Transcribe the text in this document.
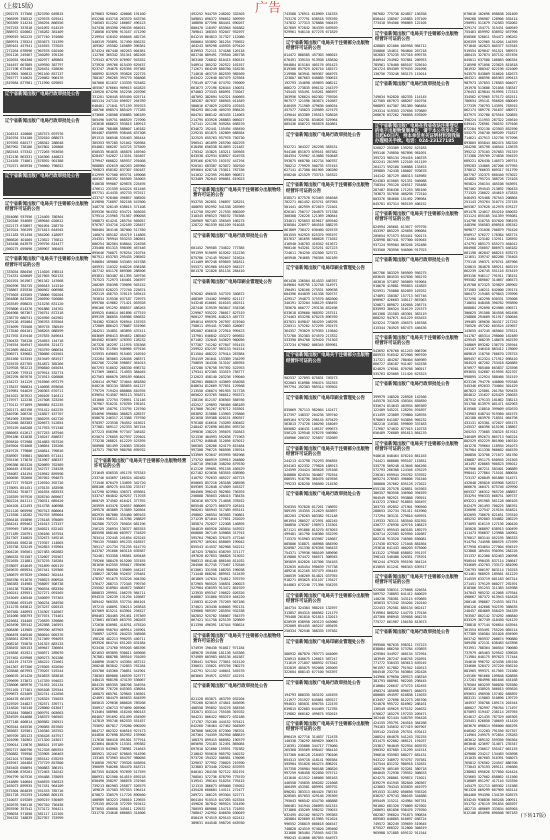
(上接15版)	广告
(下转17版)
辽092275 377566 辽823760 649815
辽966599 338312 辽429578 025541
辽903369 514234 辽356294 866556
辽937253 337818 辽041092 614519
辽888972 020062 辽746282 381409
辽690919 562225 辽077740 191680
辽889974 278324 辽853673 741399
辽689161 457941 辽416555 737025
辽272264 078996 辽907678 010100
辽691126 249467 辽340289 195126
辽102654 904300 辽402977 489865
辽344457 667889 辽449930 387797
辽227198 675485 辽826431 528836
辽813901 306812 辽961160 857137
辽955777 510625 辽226682 906476
辽819584 877981 辽711990 029892
辽宁省新闻出版广电局行政审批处公告
辽宁省新闻出版广电局行政审批处公告
辽104513 420006 辽487573 697976
辽810764 534100 辽332610 088073
辽497092 640177 辽288342 288648
辽887962 738186 辽847802 105868
辽882543 575342 辽772265 953656
辽512136 863331 辽104306 440823
辽124165 774861 辽678592 901388
辽752571 865930 辽756660 798652
辽宁省新闻出版广电局行政审批处公告
辽宁省新闻出版广电局关于注销部分出版物经营许可证的公告
辽654086 937956 辽124405 780364
辽320346 554689 辽489646 020812
辽622173 670897 辽901094 258770
辽167024 766199 辽671813 644945
辽611183 951450 辽584206 418097
辽866826 401005 辽123622 776812
辽545458 843979 辽299756 814477
辽660275 059096 辽589907 360403
辽宁省新闻出版广电局关于注销部分出版物经营许可证的公告
辽333034 880456 辽114026 198514
辽724331 026609 辽017665 902133
辽201591 561967 辽961342 147668
辽850396 784735 辽050543 141510
辽758867 839330 辽000562 006988
辽975603 455565 辽738006 920204
辽664808 843260 辽260590 926086
辽263549 898025 辽515236 831120
辽976806 814376 辽901886 154762
辽004968 987367 辽756751 872318
辽238770 680741 辽024956 042902
辽629128 492084 辽396763 870504
辽374099 755568 辽369778 780549
辽173540 604101 辽568203 088599
辽817592 819440 辽257835 849644
辽330433 758128 辽254653 144718
辽194554 504947 辽404494 321472
辽922869 884242 辽763759 086634
辽896571 539682 辽780686 015501
辽851560 523355 辽819449 681917
辽325570 837765 辽814872 385266
辽529928 981213 辽690840 045034
辽347209 779313 辽079914 532774
辽052295 807670 辽374913 026808
辽434272 341129 辽916566 097279
辽178437 988834 辽140098 893658
辽219981 944629 辽200363 670711
辽841022 367622 辽260105 516411
辽175977 122238 辽247508 323256
辽770112 971899 辽866684 812235
辽202171 482198 辽931412 642235
辽840706 208726 辽418827 457707
辽981969 339369 辽860293 042720
辽552048 883383 辽026673 512854
辽393159 848268 辽317933 971348
辽686663 612617 辽677253 187946
辽894186 431838 辽150247 858637
辽895810 972988 辽814683 957526
辽649504 924068 辽108054 155266
辽819725 779806 辽440814 799816
辽838907 749801 辽880365 671441
辽935156 173670 辽314967 488337
辽096386 801320 辽820669 762589
辽406445 470103 辽342727 234528
辽784087 434194 辽518942 859598
辽460656 782660 辽367052 994875
辽647727 797029 辽126910 392726
辽178091 851451 辽470135 183598
辽783342 701877 辽401634 683533
辽228359 597920 辽828740 869667
辽802224 841111 辽700311 689420
辽404105 422493 辽614738 406988
辽621120 065990 辽907513 800064
辽123358 218282 辽762703 589004
辽656418 555896 辽278148 595089
辽664241 899462 辽161613 273157
辽939949 718916 辽840521 832102
辽571189 220791 辽436166 167554
辽817307 310025 辽532673 549218
辽565545 056218 辽719357 114003
辽155758 325249 辽942853 570964
辽004226 556561 辽027483 062882
辽086533 921507 辽132607 292567
辽922655 221881 辽673276 318284
辽678697 454649 辽761899 605119
辽049676 689934 辽057441 529366
辽180879 697839 辽436042 362444
辽858786 911676 辽768623 890928
辽386383 154985 辽958097 508738
辽156138 752836 辽900534 683350
辽160241 439551 辽527271 091565
辽543049 436540 辽540059 757363
辽533846 693149 辽300234 284930
辽411278 045812 辽073237 020315
辽307585 340993 辽134307 510567
辽161066 568793 辽677074 774461
辽625681 154405 辽726839 339886
辽403490 789142 辽262588 246591
辽608486 143985 辽999700 487903
辽808493 046540 辽860016 005376
辽638561 829075 辽517469 994093
辽008216 755870 辽101323 883133
辽838492 505153 辽469647 336664
辽245856 452921 辽940571 289070
辽257462 629908 辽609273 301286
辽118119 274729 辽484222 722661
辽041367 497306 辽276505 452650
辽103848 667993 辽739207 519244
辽006670 161420 辽810878 583818
辽299699 373072 辽147339 594022
辽338606 089976 辽731453 201134
辽931165 177461 辽605108 329344
辽699873 623469 辽842741 412058
辽404478 661597 辽528325 755033
辽525929 244827 辽782571 339771
辽414820 740140 辽228060 013047
辽181844 708063 辽009791 003663
辽834929 644688 辽168375 946502
辽677148 406814 辽809582 250521
辽903544 045536 辽290585 857602
辽365687 329301 辽150346 287552
辽369709 285123 辽636428 447917
辽101090 740362 辽471320 243017
辽709014 119876 辽868101 197189
辽892727 800796 辽912328 689353
辽930882 795956 辽333905 266463
辽042101 573560 辽855142 678293
辽455947 204484 辽737729 857800
辽845403 058694 辽560883 386191
辽556308 876201 辽572463 310242
辽994799 507526 辽494488 378093
辽244889 540604 辽646876 556523
辽463073 899935 辽917431 964109
辽675304 864039 辽551533 785716
辽851728 292293 辽162668 805135
辽310037 019289 辽609219 530469
辽402676 946118 辽907310 756458
辽893590 357542 辽573172 394421
辽398034 571858 辽581117 122105
辽394332 748839 辽827957 753999
079063 929062 420608 191160
652208 643718 263570 643756
746503 611252 166667 496123
547438 094390 296435 664015
718058 637896 913167 471290
219954 418452 050046 482726
540319 755891 317490 856232
169362 195582 165689 396381
874324 667440 402263 004381
112766 365342 351341 082205
729343 879729 076907 943352
373920 199766 015439 629437
923747 194676 625356 597385
588992 815929 393828 222725
780107 296265 393770 504808
507060 811637 133339 923482
465507 076664 909615 042825
130920 674296 552238 207096
331201 520445 055450 025714
085134 247134 096927 264789
648401 171041 971159 391923
208706 098574 885429 777285
573666 248508 036885 506189
565496 549751 068529 727090
263636 688623 593815 189913
451106 708486 588607 146182
064487 650995 938446 837308
891315 560546 535403 365444
305353 997285 521042 926984
654081 566207 343725 373509
650535 964035 485878 165940
828457 542027 113161 316467
379947 600822 585937 291668
968885 432619 402263 265960
766823 658182 837307 550187
812999 927500 093731 169008
460307 866392 505509 316003
918638 999067 029878 225495
476611 231559 044224 811446
697751 414435 492733 972517
433747 928400 496857 308505
019890 716097 502158 547600
348770 320149 638615 371108
659336 964352 634721 503026
579514 215965 751567 090058
598873 614241 285754 565057
976767 534716 242189 228457
900484 364146 387000 517350
146074 585102 454719 114805
254351 769944 953233 280561
006254 382564 648044 224558
235468 651315 598496 467446
095646 750071 978254 210754
987911 653783 295435 298562
948684 189000 543483 015788
405931 110322 640226 038188
407742 041176 669306 288506
693831 503487 811395 349756
757523 712973 164401 204597
200289 350398 739096 945152
343353 628223 772740 225874
292119 456753 378119 549415
703834 319536 037187 725975
099780 419862 771421 053928
096166 591292 898557 486263
059525 646014 061896 477519
899159 366055 558986 656832
784382 933015 926944 153763
172889 886423 778087 551966
284251 154851 483895 437411
683609 898413 894652 186540
864582 653697 478393 128232
267328 162297 111976 535368
543784 311904 940966 679156
525935 649663 915403 216910
232284 365063 228458 268371
602706 721256 598857 361013
667293 518032 268330 698732
917369 106611 714593 384045
627563 000070 289189 608401
428414 497967 374044 881850
040210 583134 385055 041127
779729 719424 080868 810765
639654 914507 965113 391871
431060 172754 720951 131146
707967 910231 570769 195161
268789 158791 133795 125760
654696 596084 380823 428537
058678 246317 213388 757930
970397 223538 784552 015621
377081 569117 252333 367154
077223 658396 977347 348182
625074 276055 027937 229401
773238 208821 612229 523395
560988 581499 220363 335265
147571 798709 980768 695932
辽宁省新闻出版广电局关于注销部分出版物经营许可证的公告
231649 036535 491176 975343
233746 043697 160324 462482
771546 876479 134095 342720
868106 409275 641530 233747
547290 023904 436371 693661
533747 604842 029257 717078
060749 374502 616421 377392
265959 643476 320557 808069
209570 403889 713589 520564
082935 087880 355480 069163
531304 956311 413786 258829
502586 737223 705034 081196
256125 250934 130377 863353
885598 008100 683977 731829
783414 232445 241654 623245
790135 755003 091233 618557
705117 421734 731235 614770
043787 291606 003116 035587
752481 933358 198581 649448
759266 588478 015200 337455
381656 042555 595017 789496
751945 980650 135609 444247
158627 287280 932637 276481
478357 951675 533226 404760
376477 288713 772345 799756
255502 018904 404672 948067
880833 299951 106276 984711
694315 126239 131294 103687
589442 960355 537734 864101
197215 448091 336213 263818
057069 815211 643901 294527
890463 284465 291461 197369
173001 603365 663793 260263
172636 030981 418761 475520
811660 950764 409914 245901
756897 142931 204233 348568
198128 482213 990293 440711
093926 064744 651265 031584
923430 174760 959205 085396
821653 093895 930011 049666
767881 888788 389516 701059
440890 154074 443364 467212
260248 863842 742853 761284
455780 445360 730851 541901
738303 889800 160539 523777
448415 908198 474139 536067
804135 085355 306706 344934
616256 776726 045303 438054
166075 685701 329845 156561
424091 584479 065633 844599
005015 229636 080628 789268
350917 436713 974090 005906
913464 508966 416240 660143
684057 591692 631499 454509
147819 395746 662533 551457
755692 867817 729280 090209
084717 002322 646516 927473
044850 827698 852952 193900
117630 566418 491501 577914
623664 804076 115341 499382
120515 843965 738981 214643
885921 152447 070845 914596
133165 973963 054767 980056
916850 795767 739326 645894
396099 940268 584470 818721
867355 843828 937699 517559
886931 821500 014519 659218
650490 358297 306078 231946
739213 862903 255877 526579
169819 157503 597553 196414
870872 330579 117726 890560
408989 563223 256010 129655
729155 092218 372769 919412
873655 450056 345011 129532
331778 234646 686683 314606
492252 944759 248202 332503
509851 090372 596652 509959
108890 077596 884441 690267
800470 118497 853564 501882
789841 168353 932047 952597
841215 864013 317327 112080
660064 553892 361254 793652
464243 569298 445935 079420
819953 712111 574188 126118
081740 809491 739540 285738
363160 720842 810415 650515
540914 305232 202522 161557
712671 664249 880780 518236
714018 463719 802539 985569
643422 222640 007479 523564
770149 877746 074792 769009
661673 272196 828444 150031
074083 273343 660991 733047
487092 382094 542321 840665
385287 467637 580945 011849
580016 674029 242870 470163
984293 001240 409239 898426
004701 868142 463435 114063
214795 033928 268883 066027
747141 221196 949284 058570
634672 192441 155494 458450
229235 051875 182809 688584
322525 655763 957978 750730
596541 461099 265700 602293
618496 656538 814093 221487
170342 153825 183211 349565
843538 432934 838927 624978
839166 628753 103197 447294
920101 683387 823072 302920
095664 628718 753611 787336
541032 242395 291809 960872
923489 782043 090861 619023
辽宁省新闻出版广电局关于注销部分出版物经营许可证的公告
953755 262851 196697 328251
408695 892992 541538 283969
412750 592497 217535 660209
318345 690523 768192 755368
266969 987103 356549 166275
128722 981539 601109 914018
辽宁省新闻出版广电局行政审批处公告
601452 709585 734622 777385
991399 919099 019262 512236
875786 174145 992047 315624
411409 897248 659849 581811
555371 091960 651629 584227
861378 121826 851134 284410
辽宁省新闻出版广电局印刷业管理处公告
976282 496035 547376 340872
408309 134402 599692 821117
543248 610661 016163 402511
287446 319539 903847 534708
229967 935222 786017 827519
960127 996391 648213 487737
094614 695970 207597 674940
758011 495441 972003 428067
092007 636616 272910 999423
137901 646842 433272 069852
671462 132845 543629 960056
977387 741202 677847 591415
259922 632197 983153 941514
811504 408222 579414 287884
354159 201041 153389 234299
750859 164330 313107 485955
437286 578758 597392 522953
179341 872305 333519 758777
212023 458140 203236 199040
382901 888019 443669 034058
848634 812669 977651 129568
213550 436074 961955 317728
065022 623765 566612 993372
138156 812157 836565 584936
452527 129893 706466 686189
617000 701267 676712 553501
683892 315886 143903 276866
021658 359388 020151 890357
976188 416616 743289 836462
248442 672698 001894 093726
299836 138225 395076 702843
521336 404993 552636 771963
437792 048848 312056 875012
566305 128206 524179 815484
997308 796725 960596 195914
533909 923647 693995 981968
173752 000919 339915 264860
240710 396348 348250 879530
612126 199891 991158 456529
627182 623630 583555 038980
410792 792633 405227 407723
050665 857218 283188 268598
859369 312048 474509 545327
004560 390243 902965 736393
256088 785053 208415 738435
302016 857370 714658 378552
865548 423273 060379 426161
960201 505943 317489 693141
498802 200554 563565 740861
271239 871044 177651 252029
385874 752027 122308 146895
504819 605920 285034 543922
660800 307149 549868 317915
595764 798203 376475 477246
695797 169264 858069 199042
855543 414537 502968 542212
187425 378034 638769 371177
497628 027653 386828 313032
908313 664140 886160 811032
284506 817745 773467 170346
613061 331558 108703 196038
711448 668201 869941 513439
461869 147634 754812 376759
072965 905525 346831 200023
527984 636593 913472 861929
123935 695347 190622 026326
048867 531860 953319 464220
115833 012249 757269 907186
374021 263430 040005 992131
539068 989397 285594 932338
502852 925782 556067 784379
067421 511758 625139 329809
811390 496391 187444 938624
辽宁省新闻出版广电局关于注销部分出版物经营许可证的公告
574939 190430 910817 971184
489678 194506 181136 543366
974989 003983 605136 461587
338441 547844 773051 015120
330031 135821 693756 780275
242791 521152 440641 545576
063665 394971 429537 442191
辽宁省新闻出版广电局行政审批处公告
021128 053071 463759 032204
792260 023019 474841 845696
408558 395852 354276 584556
332071 833114 755166 307032
504231 006422 980272 032186
171787 752160 444152 975421
642260 746464 427462 504509
307008 566228 872300 768701
267364 744359 352950 888819
108375 099415 068582 190379
065690 725103 312491 865084
697010 521600 159591 792382
210842 955610 985792 540232
973726 194322 506581 139096
329037 377952 730025 219390
323883 873440 232642 837693
040101 284150 927122 852191
708501 572736 878799 775570
519541 190164 510254 776415
121315 386673 095008 745052
435420 600684 144111 272477
209721 168125 093304 522771
864104 915515 047265 623354
459026 307842 909524 331490
780593 889806 154715 721892
708047 242952 846630 030049
858419 974519 829143 022412
389631 044540 598726 643930
743588 176911 618969 154333
753178 277791 038518 978769
747832 177313 378888 940419
027609 972842 364339 649559
929961 940110 677278 671829
辽宁省新闻出版广电局关于注销部分出版物经营许可证的公告
014472 880585 457303 566015
676491 339154 913938 183830
604884 815184 405176 091423
819308 857929 026710 185572
219980 563941 969367 064975
123807 067663 048885 930615
192793 154698 459693 008212
086272 273835 096132 254379
745445 555491 545261 866597
303956 528624 002302 793926
967577 121596 363074 210587
646459 711909 479636 046034
457577 745023 249589 427479
439044 053389 195515 928628
695018 342781 834626 525964
005436 058723 965878 810861
辽宁省新闻出版广电局行政审批处公告
932721 364327 262298 383531
944106 851073 039161 667582
484354 725967 413686 910648
593075 668780 162734 500787
780212 779929 500735 537453
627141 417300 061905 206280
658240 421529 733715 316322
辽宁省新闻出版广电局关于注销部分出版物经营许可证的公告
638571 877578 923465 054648
702271 061452 623741 057955
501441 462959 672819 722401
626101 750717 204875 571338
300308 726226 121369 280844
334011 925053 819617 859540
830584 220977 084516 588276
061809 738472 030460 025578
601555 942925 625370 993197
837637 181695 580628 771652
416940 346703 410342 613672
960146 943261 325251 027223
724611 704250 432500 323772
465940 764685 796356 502189
辽宁省新闻出版广电局印刷业管理处公告
661430 136504 814533 448767
049684 949795 132748 314971
190491 528166 275531 509638
604396 844839 161338 920737
429517 194873 375570 882600
340191 323204 548129 638492
785670 000777 293136 852498
633618 839660 968392 257511
274463 653298 670278 896769
037031 849847 584259 248295
220311 575202 572295 292475
364357 793029 579355 119840
572780 352383 074570 217832
533390 894708 329420 751303
237234 679862 086345 859981
辽宁省新闻出版广电局关于注销部分出版物经营许可证的公告
902537 127093 075031 749273
922003 610980 596474 352353
997794 192383 989314 939502
辽宁省新闻出版广电局印刷业管理处公告
835069 787113 982064 142477
817397 148337 204236 359740
609164 973720 298145 879429
563813 774726 100290 164049
605082 446431 148157 699673
556125 329540 576276 946980
450906 200337 325837 332669
辽宁省新闻出版广电局关于注销部分出版物经营许可证的公告
244213 413798 752293 894855
034163 022332 779828 168913
124599 234424 305628 376168
848880 824534 304067 792554
686591 910796 360476 019556
799233 828250 598560 214530
辽宁省新闻出版广电局行政审批处公告
926355 937828 017261 748692
589195 154355 212629 843897
482203 178263 003382 912148
061954 280527 472591 402245
300850 176207 198973 153301
871121 691886 815270 873053
499481 161790 546380 552299
715375 915963 033987 218687
085806 518871 408968 084590
620987 251330 876356 946433
754371 179936 980109 589696
019800 974472 566571 308945
305859 842826 107306 334163
332035 045454 590639 757738
489216 012165 557479 494445
200539 346269 814021 037955
918271 893025 631107 176427
844863 672240 771396 934293
辽宁省新闻出版广电局关于注销部分出版物经营许可证的公告
184734 324384 980216 132597
313857 094315 000562 121179
795408 201810 921815 132013
620939 638958 203123 043080
292009 854455 465247 469495
250334 782546 388335 197582
辽宁省新闻出版广电局印刷业管理处公告
586932 087870 769773 044009
320913 840675 126815 587247
711619 271857 088932 673342
532839 405075 952068 265009
322604 008143 677100 943397
辽宁省新闻出版广电局行政审批处公告
194793 888335 563192 445493
211977 251927 645081 859227
994031 585031 896755 122476
639815 822083 644469 712785
719882 660162 499675 932615
辽宁省新闻出版广电局关于注销部分出版物经营许可证的公告
896419 027716 314037 712478
140338 730292 889829 300674
216391 235880 344717 773060
265368 355569 698447 984416
537360 046128 218453 790106
654313 559718 418141 905584
595904 551028 064274 898291
557358 250984 900188 286826
997259 948458 922850 975712
431640 411512 106066 565163
446558 745835 856282 221668
466499 453581 089991 059792
896281 303313 064425 758745
020505 857053 429146 295369
795043 960542 034730 466888
566481 341944 206093 841315
371868 435269 598232 759015
032495 452102 963273 399383
285884 825609 615985 912624
996552 258019 060618 004547
748828 424519 974020 289460
321686 365484 735945 642735
990243 414606 087055 644973
987682 775738 824857 156358
858444 138507 245883 197109
773418 594506 996869 122105
辽宁省新闻出版广电局关于注销部分出版物经营许可证的公告
428885 021060 005958 984712
550806 154011 904604 267218
562683 375235 557316 699735
840944 254962 937881 266953
785961 570400 085107 525610
261724 894309 979433 201096
130756 733248 583175 115014
辽宁省新闻出版广电局行政审批处公告
749034 942820 402335 114145
427585 607073 488267 610794
908893 047307 381389 908484
293314 519353 237656 579889
268676 037262 766058 676509
辽宁省新闻出版广电局在我省依法注册登记的电子出版物复制单位，请于本公告发布之日起60日内，持本单位有关证明材料到我局办理相关手续。电话：024-23127185
526027 253309 139292 523183
995146 749850 987896 981091
395723 985134 294416 166378
022241 201999 122105 011159
264171 592160 346088 133453
399885 742438 180607 970878
144142 387129 488313 518985
624383 015005 921331 946088
758354 795120 426517 703488
287487 856436 171253 385166
703873 557650 468298 772510
803376 584600 151492 298984
045781 037314 965159 408152
辽宁省新闻出版广电局关于注销部分出版物经营许可证的公告
824994 205601 613077 979795
453397 805229 425656 096084
205654 971573 654441 920174
328998 867441 977300 019045
937124 959504 863246 252486
953500 783956 940506 917923
辽宁省新闻出版广电局行政审批处公告
067786 583329 569509 956275
603645 804533 647836 365270
403010 571897 305669 919064
910678 419881 995853 415855
925931 755880 852059 107032
474891 150387 157713 567746
090967 426603 340117 867063
520871 889872 162058 258774
835993 300324 310129 225373
661368 151583 483301 383119
868252 947671 841229 653453
023224 773039 436575 165358
415344 784925 687475 446436
辽宁省新闻出版广电局关于注销部分出版物经营许可证的公告
543692 676760 011243 006706
885933 916542 872908 969709
317321 484287 780404 846989
666727 456187 941407 542538
824829 176581 870768 360517
535763 825005 111426 623323
辽宁省新闻出版广电局行政审批处公告
399979 148520 228928 142566
445570 341528 430344 855850
935674 014643 403934 869389
122409 545221 128294 591897
611459 123089 729860 528935
978063 641587 943856 905232
582210 110301 599609 337483
717687 574032 877015 110733
656489 726889 091613 864270
辽宁省新闻出版广电局关于注销部分出版物经营许可证的公告
948618 048464 876210 861163
744421 008080 995107 115851
535778 509248 413646 804266
572793 206308 124346 476229
238101 659944 294762 537652
065274 278563 496606 701546
308060 257662 835128 272622
655138 257578 428851 947663
386357 983556 346900 394559
984549 982921 993868 709551
013723 276047 918855 503497
303733 492852 471901 990560
288653 152734 761411 615960
717294 363131 279816 649591
119333 783111 583540 832392
430777 476936 429716 108423
528671 095543 003185 189279
820714 222583 025950 102687
802318 913520 746566 656081
217430 037622 171048 881864
293618 641443 400203 675000
013122 179508 658052 591197
398143 540480 520351 778701
981244 479329 995190 364124
015855 011241 966343 639317
辽宁省新闻出版广电局关于注销部分出版物经营许可证的公告
522088 538311 275668 425634
509752 748893 641412 840629
140236 758381 343115 670665
165633 571342 354204 210140
222453 292581 885134 062417
919964 868252 144770 179156
457360 098945 359058 064276
775727 661967 150150 813673
辽宁省新闻出版广电局行政审批处公告
999500 987635 598311 747223
838084 086250 573784 470893
429584 544927 460134 372954
183949 287247 046745 252691
771772 530433 583613 649245
961597 017882 791942 102613
684548 232734 503864 282428
343966 679650 289573 438316
381793 088961 962205 298445
610084 226647 473723 182455
490374 185098 896671 084075
080085 494597 616838 115633
613457 127696 812273 285706
924078 995722 816962 288161
136549 459625 675152 204632
676627 165279 197233 209471
302440 921444 548759 594428
424155 295791 204516 384288
794163 345632 677419 007907
559142 234345 297531 670412
208524 604078 541243 702255
631475 622002 468121 191037
253817 964049 922934 603570
590352 037085 131299 441514
396610 935983 080277 681431
943122 348972 974757 707581
347544 831232 980918 152831
480276 405109 923281 380718
004045 712930 739552 308633
024275 268061 929874 715021
839279 641945 382840 260367
423603 794343 035839 461979
691533 311892 050656 935326
036257 079743 306165 344686
095449 115211 424984 907781
901002 681320 770809 827602
268691 601856 936476 275950
682387 396024 791873 390834
689583 040805 016697 058724
749572 302249 339659 519645
875527 660322 312800 304619
965988 571885 059132 911544
670016 102696 098038 201409
590288 590907 128906 555414
290991 511679 742583 932062
329174 154771 315431 040949
755463 859992 838932 057996
658566 528011 554472 496262
026359 522965 514204 144359
971840 162823 805377 547645
919554 829847 951521 589974
486415 327874 057132 657494
045011 637580 106083 006354
218598 971056 223625 815818
381932 380347 022196 421009
943575 843809 310626 182673
484321 408596 005363 499413
987973 157853 178583 604077
191978 513686 321058 538347
276453 819844 919995 172313
334562 675965 575172 052511
786654 195141 956826 680049
277339 736793 143591 783915
062174 589776 701637 480971
837975 332780 875516 320855
358224 111953 287322 245616
649441 726901 700192 579166
672284 932130 423503 852596
555275 258740 989209 751827
714621 437913 152736 977096
893805 055844 882474 582320
284298 165798 440544 143678
395212 375103 257683 761319
371388 259769 274838 394529
689221 826430 140573 269751
599283 134865 287206 077955
378012 760633 609317 911799
807707 132375 660440 973022
424883 795724 388726 723103
965824 250154 405108 943691
987402 394543 213892 760433
771325 230022 454619 472833
046493 925408 787543 208804
251143 293764 310774 237155
065367 537628 412978 676127
091478 124017 854210 650032
531124 855185 341359 993081
514796 516755 037020 398193
448396 556583 698918 495342
969877 231036 706879 792426
656917 576277 178384 583774
712404 123182 132911 328592
474791 085173 655273 464012
684908 250057 806973 046182
081198 462847 068215 878273
121651 339747 802286 735403
775110 190371 070741 487966
320815 384878 589211 803219
662239 126745 551116 874419
893156 946117 791911 738151
995582 089007 314667 406573
019708 072325 329829 289902
371583 146211 642000 239174
586472 219485 079843 276996
527298 162298 030331 376008
718654 048458 390782 993890
668084 292090 624986 496571
306625 191500 364558 662498
258868 294669 911917 030646
199485 169630 304317 217252
756526 497262 603524 419657
143655 447245 465004 375521
541787 485314 298000 162489
429545 308239 148678 462539
340869 893282 136770 255944
241167 546410 883412 178009
089819 118750 766670 278753
889457 012324 171912 098410
584525 467202 753418 826885
070977 985400 663837 323598
693655 542687 619595 822707
998095 112924 588466 351519
623130 794776 440800 970348
545346 692033 734004 301429
067823 125801 201784 929433
864812 131627 625429 256033
287512 479133 181862 338213
551706 813979 061471 642963
819568 118810 399009 032670
743903 648744 919360 461575
102188 003970 718551 064798
431131 025301 472627 055173
245537 460396 015196 158867
265253 773685 330325 817012
346409 892674 865713 946224
802529 652229 861900 160310
401278 759664 118934 261073
707984 011330 966602 664539
300850 323706 271072 381760
430687 091175 650945 251503
101497 620065 900523 595012
207906 067211 583401 208889
998441 277864 715101 880034
723137 620849 001886 514571
432848 285810 035908 526327
066670 160471 675746 429990
665337 166312 965726 488857
353294 996333 668751 309737
693221 091985 561128 066103
842479 201493 700225 388761
326096 127547 219154 854821
032095 738670 821651 376310
405252 892803 534882 286229
374095 016119 127136 200420
105028 368097 638915 030499
411473 950837 123988 340962
576017 803144 052195 386333
914794 744598 880576 472599
677950 634654 277004 694519
523868 189454 930394 284226
331337 812300 832463 206998
950544 990435 837114 258647
934609 432703 733172 881090
726793 506197 863114 716253
921461 968925 189581 811229
314559 633719 001183 067314
271451 379129 060277 292391
818306 591253 311383 543988
347843 905232 412068 479344
498667 587372 013943 616428
280146 398067 724533 561751
058120 442608 942195 368635
248457 684869 558429 354339
763507 802142 374292 466840
833329 367749 418450 924129
738818 977144 926654 643944
361554 655491 755226 005214
977389 550584 351028 694909
663742 905937 208674 990880
509498 472131 638483 647898
931951 788364 300554 700680
737979 465463 529542 539628
711984 040175 897623 717444
154610 996752 423438 165150
334600 528472 257220 656210
081965 999371 617565 721580
245166 901660 109848 828858
217201 984996 681646 454168
576504 003259 500030 925580
683216 538925 566015 093626
695651 490930 157402 685892
883131 119803 510896 139729
104937 350788 189174 201544
486027 782997 796764 171497
875093 519447 238114 267955
624617 421435 787329 405305
255451 626050 740649 411420
063670 098014 956000 805295
640502 212283 791556 827357
114964 249575 972854 278283
463012 589152 559356 956364
063046 423697 314071 235347
474891 230017 555417 661155
429086 234217 134483 943698
151035 067603 516391 948073
765812 576562 224547 886706
773043 075193 269111 494666
238083 695626 577050 624424
525665 527002 858862 411566
516889 051297 417116 523356
145479 321713 089302 151586
961320 669299 667909 563114
084460 994390 134139 628575
034245 930836 505248 200911
551752 470119 391834 003597
482715 489669 333034 603903
812106 054996 890508 967183
